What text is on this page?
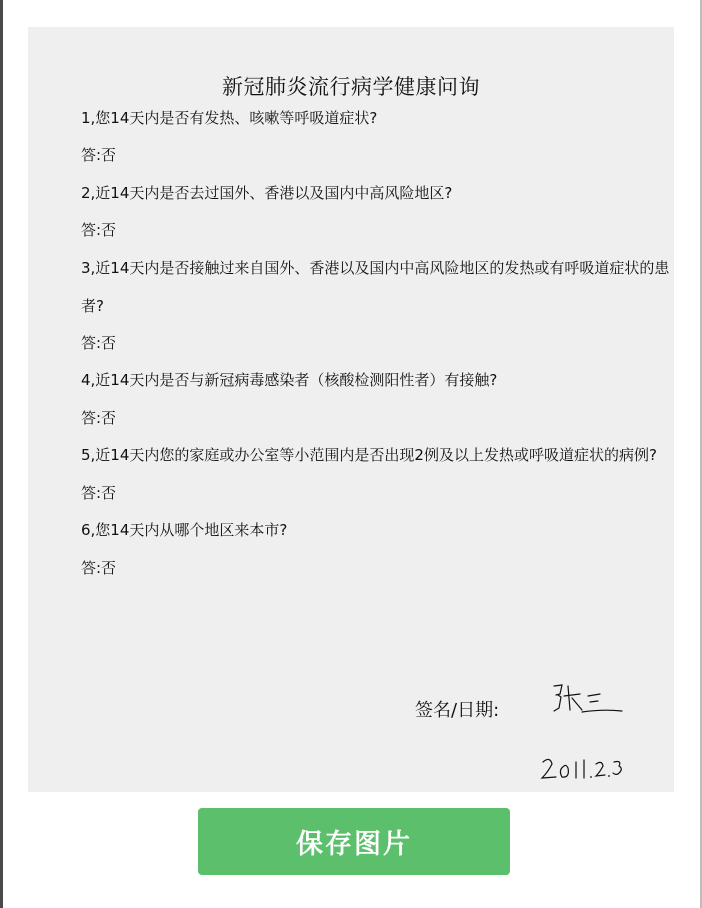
新冠肺炎流行病学健康问询

1,您14天内是否有发热、咳嗽等呼吸道症状?

答:否

2,近14天内是否去过国外、香港以及国内中高风险地区?

答:否

3,近14天内是否接触过来自国外、香港以及国内中高风险地区的发热或有呼吸道症状的患者?

答:否

4,近14天内是否与新冠病毒感染者（核酸检测阳性者）有接触?

答:否

5,近14天内您的家庭或办公室等小范围内是否出现2例及以上发热或呼吸道症状的病例?

答:否

6,您14天内从哪个地区来本市?

答:否

签名/日期:

保存图片
